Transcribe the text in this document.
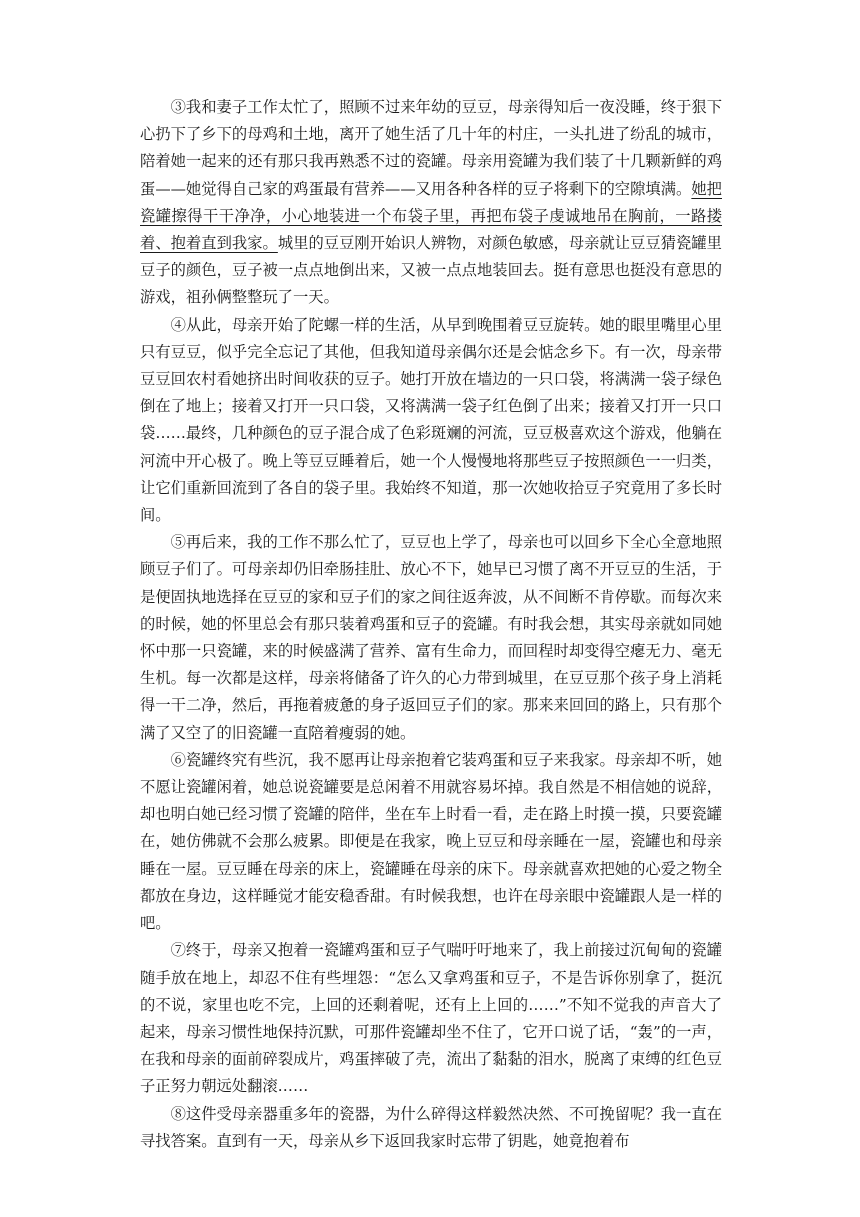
③我和妻子工作太忙了，照顾不过来年幼的豆豆，母亲得知后一夜没睡，终于狠下心扔下了乡下的母鸡和土地，离开了她生活了几十年的村庄，一头扎进了纷乱的城市，陪着她一起来的还有那只我再熟悉不过的瓷罐。母亲用瓷罐为我们装了十几颗新鲜的鸡蛋——她觉得自己家的鸡蛋最有营养——又用各种各样的豆子将剩下的空隙填满。她把瓷罐擦得干干净净，小心地装进一个布袋子里，再把布袋子虔诚地吊在胸前，一路搂着、抱着直到我家。城里的豆豆刚开始识人辨物，对颜色敏感，母亲就让豆豆猜瓷罐里豆子的颜色，豆子被一点点地倒出来，又被一点点地装回去。挺有意思也挺没有意思的游戏，祖孙俩整整玩了一天。

④从此，母亲开始了陀螺一样的生活，从早到晚围着豆豆旋转。她的眼里嘴里心里只有豆豆，似乎完全忘记了其他，但我知道母亲偶尔还是会惦念乡下。有一次，母亲带豆豆回农村看她挤出时间收获的豆子。她打开放在墙边的一只口袋，将满满一袋子绿色倒在了地上；接着又打开一只口袋，又将满满一袋子红色倒了出来；接着又打开一只口袋……最终，几种颜色的豆子混合成了色彩斑斓的河流，豆豆极喜欢这个游戏，他躺在河流中开心极了。晚上等豆豆睡着后，她一个人慢慢地将那些豆子按照颜色一一归类，让它们重新回流到了各自的袋子里。我始终不知道，那一次她收拾豆子究竟用了多长时间。

⑤再后来，我的工作不那么忙了，豆豆也上学了，母亲也可以回乡下全心全意地照顾豆子们了。可母亲却仍旧牵肠挂肚、放心不下，她早已习惯了离不开豆豆的生活，于是便固执地选择在豆豆的家和豆子们的家之间往返奔波，从不间断不肯停歇。而每次来的时候，她的怀里总会有那只装着鸡蛋和豆子的瓷罐。有时我会想，其实母亲就如同她怀中那一只瓷罐，来的时候盛满了营养、富有生命力，而回程时却变得空瘪无力、毫无生机。每一次都是这样，母亲将储备了许久的心力带到城里，在豆豆那个孩子身上消耗得一干二净，然后，再拖着疲惫的身子返回豆子们的家。那来来回回的路上，只有那个满了又空了的旧瓷罐一直陪着瘦弱的她。

⑥瓷罐终究有些沉，我不愿再让母亲抱着它装鸡蛋和豆子来我家。母亲却不听，她不愿让瓷罐闲着，她总说瓷罐要是总闲着不用就容易坏掉。我自然是不相信她的说辞，却也明白她已经习惯了瓷罐的陪伴，坐在车上时看一看，走在路上时摸一摸，只要瓷罐在，她仿佛就不会那么疲累。即便是在我家，晚上豆豆和母亲睡在一屋，瓷罐也和母亲睡在一屋。豆豆睡在母亲的床上，瓷罐睡在母亲的床下。母亲就喜欢把她的心爱之物全都放在身边，这样睡觉才能安稳香甜。有时候我想，也许在母亲眼中瓷罐跟人是一样的吧。

⑦终于，母亲又抱着一瓷罐鸡蛋和豆子气喘吁吁地来了，我上前接过沉甸甸的瓷罐随手放在地上，却忍不住有些埋怨：“怎么又拿鸡蛋和豆子，不是告诉你别拿了，挺沉的不说，家里也吃不完，上回的还剩着呢，还有上上回的……”不知不觉我的声音大了起来，母亲习惯性地保持沉默，可那件瓷罐却坐不住了，它开口说了话，“轰”的一声，在我和母亲的面前碎裂成片，鸡蛋摔破了壳，流出了黏黏的泪水，脱离了束缚的红色豆子正努力朝远处翻滚……

⑧这件受母亲器重多年的瓷器，为什么碎得这样毅然决然、不可挽留呢？我一直在寻找答案。直到有一天，母亲从乡下返回我家时忘带了钥匙，她竟抱着布
